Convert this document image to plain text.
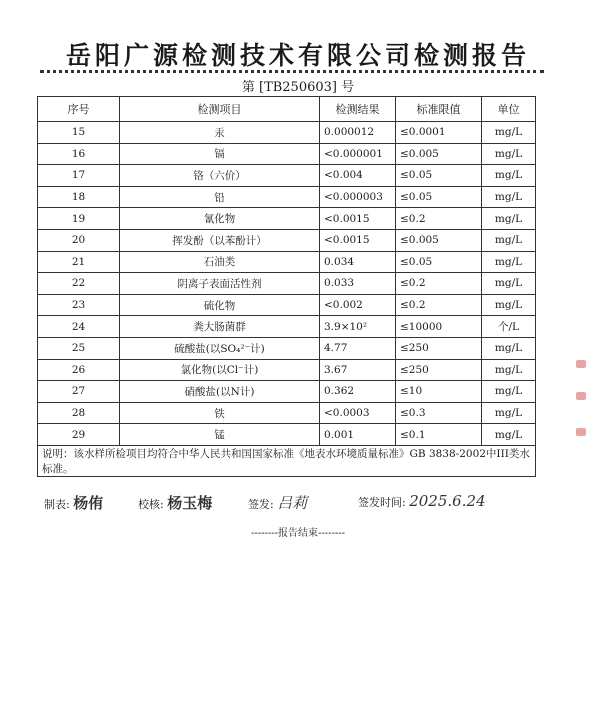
岳阳广源检测技术有限公司检测报告
第 [TB250603] 号
序号	检测项目	检测结果	标准限值	单位
15	汞	0.000012	≤0.0001	mg/L
16	镉	<0.000001	≤0.005	mg/L
17	铬（六价）	<0.004	≤0.05	mg/L
18	铅	<0.000003	≤0.05	mg/L
19	氰化物	<0.0015	≤0.2	mg/L
20	挥发酚（以苯酚计）	<0.0015	≤0.005	mg/L
21	石油类	0.034	≤0.05	mg/L
22	阴离子表面活性剂	0.033	≤0.2	mg/L
23	硫化物	<0.002	≤0.2	mg/L
24	粪大肠菌群	3.9×10²	≤10000	个/L
25	硫酸盐(以SO₄²⁻计)	4.77	≤250	mg/L
26	氯化物(以Cl⁻计)	3.67	≤250	mg/L
27	硝酸盐(以N计)	0.362	≤10	mg/L
28	铁	<0.0003	≤0.3	mg/L
29	锰	0.001	≤0.1	mg/L
说明：该水样所检项目均符合中华人民共和国国家标准《地表水环境质量标准》GB 3838-2002中III类水标准。				
制表: 杨侑	校核: 杨玉梅	签发: 吕莉	签发时间: 2025.6.24
--------报告结束--------
